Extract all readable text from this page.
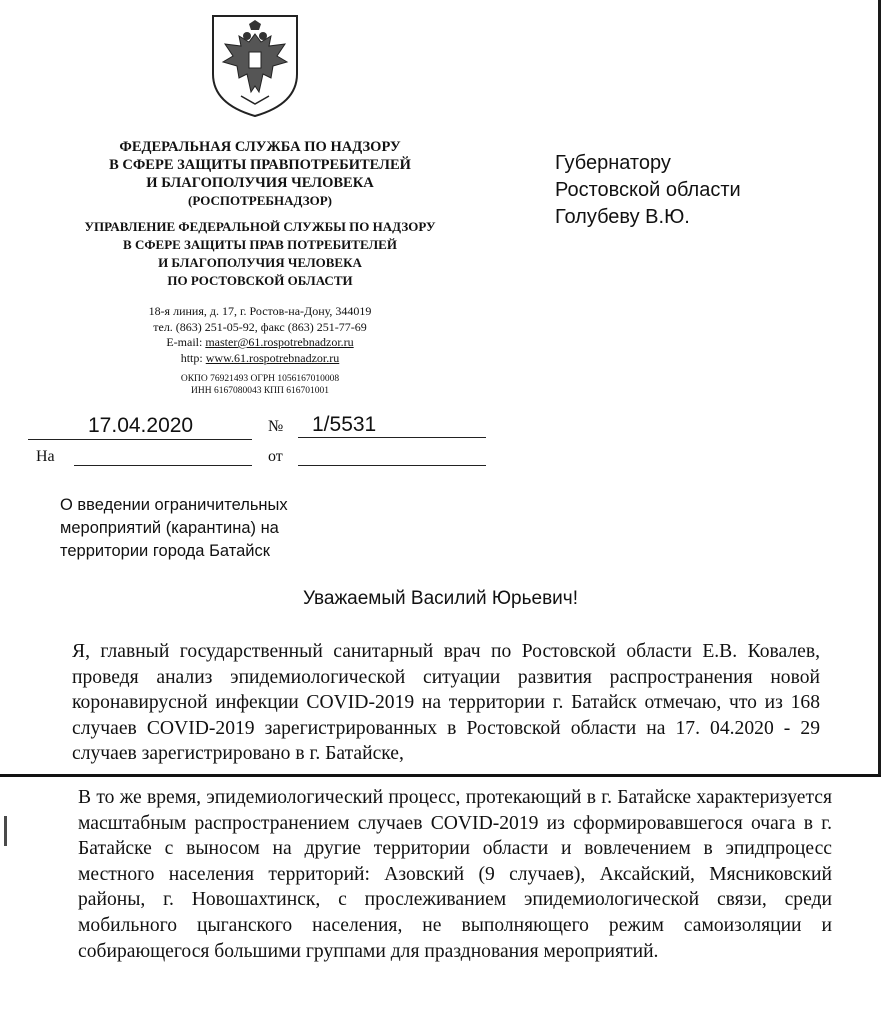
ФЕДЕРАЛЬНАЯ СЛУЖБА ПО НАДЗОРУ
В СФЕРЕ ЗАЩИТЫ ПРАВПОТРЕБИТЕЛЕЙ
И БЛАГОПОЛУЧИЯ ЧЕЛОВЕКА
(РОСПОТРЕБНАДЗОР)
УПРАВЛЕНИЕ ФЕДЕРАЛЬНОЙ СЛУЖБЫ ПО НАДЗОРУ
В СФЕРЕ ЗАЩИТЫ ПРАВ ПОТРЕБИТЕЛЕЙ
И БЛАГОПОЛУЧИЯ ЧЕЛОВЕКА
ПО РОСТОВСКОЙ ОБЛАСТИ
18-я линия, д. 17, г. Ростов-на-Дону, 344019
тел. (863) 251-05-92, факс (863) 251-77-69
E-mail: master@61.rospotrebnadzor.ru
http: www.61.rospotrebnadzor.ru
ОКПО 76921493 ОГРН 1056167010008
ИНН 6167080043 КПП 616701001
Губернатору
Ростовской области
Голубеву В.Ю.
17.04.2020	№ 1/5531
На	от
О введении ограничительных
мероприятий (карантина) на
территории города Батайск
Уважаемый Василий Юрьевич!
Я, главный государственный санитарный врач по Ростовской области Е.В. Ковалев, проведя анализ эпидемиологической ситуации развития распространения новой коронавирусной инфекции COVID-2019 на территории г. Батайск отмечаю, что из 168 случаев COVID-2019 зарегистрированных в Ростовской области на 17. 04.2020 - 29 случаев зарегистрировано в г. Батайске,
В то же время, эпидемиологический процесс, протекающий в г. Батайске характеризуется масштабным распространением случаев COVID-2019 из сформировавшегося очага в г. Батайске с выносом на другие территории области и вовлечением в эпидпроцесс местного населения территорий: Азовский (9 случаев), Аксайский, Мясниковский районы, г. Новошахтинск, с прослеживанием эпидемиологической связи, среди мобильного цыганского населения, не выполняющего режим самоизоляции и собирающегося большими группами для празднования мероприятий.
